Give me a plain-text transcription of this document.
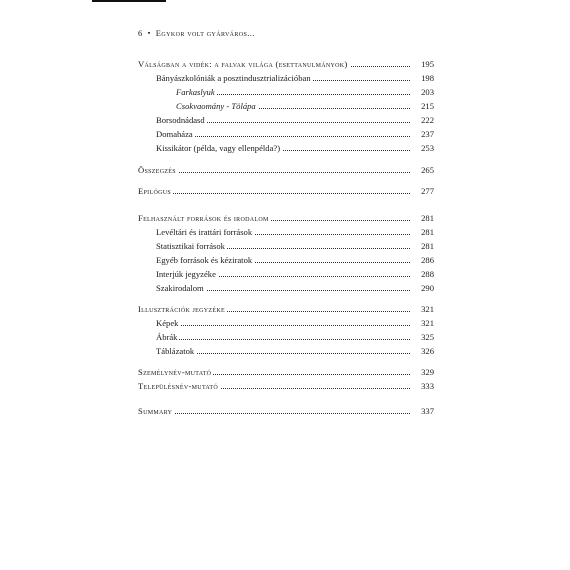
6 ▪ Egykor volt gyárváros...
Válságban a vidék: a falvak világa (esettanulmányok)	195
Bányászkolóniák a posztindusztrializációban	198
Farkaslyuk	203
Csokvaomány - Tölápa	215
Borsodnádasd	222
Domaháza	237
Kissikátor (példa, vagy ellenpélda?)	253
Összegzés	265
Epilógus	277
Felhasznált források és irodalom	281
Levéltári és irattári források	281
Statisztikai források	281
Egyéb források és kéziratok	286
Interjúk jegyzéke	288
Szakirodalom	290
Illusztrációk jegyzéke	321
Képek	321
Ábrák	325
Táblázatok	326
Személynév-mutató	329
Településnév-mutató	333
Summary	337
